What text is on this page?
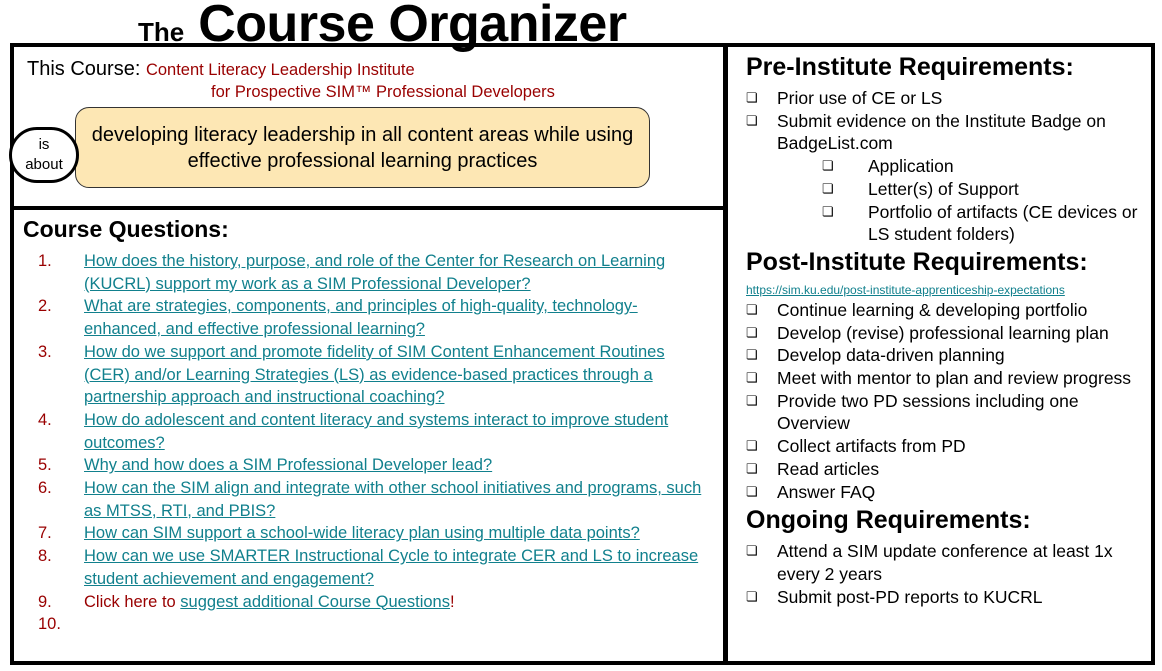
The Course Organizer
This Course: Content Literacy Leadership Institute
for Prospective SIM™ Professional Developers
developing literacy leadership in all content areas while using effective professional learning practices
is
about
Course Questions:
1.	How does the history, purpose, and role of the Center for Research on Learning (KUCRL) support my work as a SIM Professional Developer?
2.	What are strategies, components, and principles of high-quality, technology-enhanced, and effective professional learning?
3.	How do we support and promote fidelity of SIM Content Enhancement Routines (CER) and/or Learning Strategies (LS) as evidence-based practices through a partnership approach and instructional coaching?
4.	How do adolescent and content literacy and systems interact to improve student outcomes?
5.	Why and how does a SIM Professional Developer lead?
6.	How can the SIM align and integrate with other school initiatives and programs, such as MTSS, RTI, and PBIS?
7.	How can SIM support a school-wide literacy plan using multiple data points?
8.	How can we use SMARTER Instructional Cycle to integrate CER and LS to increase student achievement and engagement?
9.	Click here to suggest additional Course Questions!
10.
Pre-Institute Requirements:
❏	Prior use of CE or LS
❏	Submit evidence on the Institute Badge on BadgeList.com
❏	Application
❏	Letter(s) of Support
❏	Portfolio of artifacts (CE devices or LS student folders)
Post-Institute Requirements:
https://sim.ku.edu/post-institute-apprenticeship-expectations
❏	Continue learning & developing portfolio
❏	Develop (revise) professional learning plan
❏	Develop data-driven planning
❏	Meet with mentor to plan and review progress
❏	Provide two PD sessions including one Overview
❏	Collect artifacts from PD
❏	Read articles
❏	Answer FAQ
Ongoing Requirements:
❏	Attend a SIM update conference at least 1x every 2 years
❏	Submit post-PD reports to KUCRL
